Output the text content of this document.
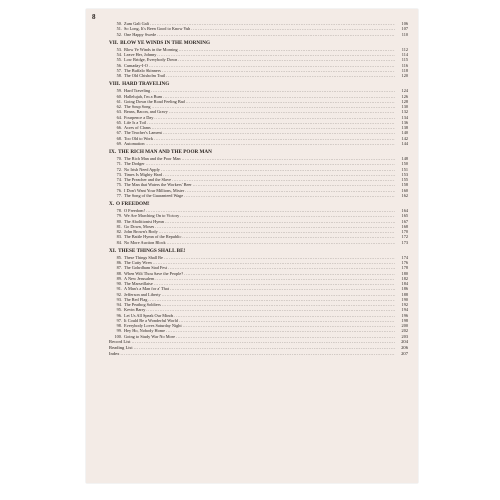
8
50. Zum Gali Gali .....	106
51. So Long, It's Been Good to Know Yuh .....	107
52. One Happy Swede .....	110
VII. BLOW YE WINDS IN THE MORNING
53. Blow Ye Winds in the Morning .....	112
54. Leave Her, Johnny .....	114
55. Low Bridge, Everybody Down .....	115
56. Cumaday-I-O .....	116
57. The Buffalo Skinners .....	118
58. The Old Chisholm Trail .....	120
VIII. HARD TRAVELING
59. Hard Traveling .....	124
60. Hallelujah, I'm a Bum .....	126
61. Going Down the Road Feeling Bad .....	128
62. The Soup Song .....	130
63. Beans, Bacon, and Gravy .....	132
64. Fourpence a Day .....	134
65. Life Is a Toil .....	136
66. Acres of Clams .....	138
67. The Teacher's Lament .....	140
68. Too Old to Work .....	142
69. Automation .....	144
IX. THE RICH MAN AND THE POOR MAN
70. The Rich Man and the Poor Man .....	148
71. The Dodger .....	150
72. No Irish Need Apply .....	151
73. Times Is Mighty Hard .....	153
74. The Preacher and the Slave .....	155
75. The Man that Waters the Workers' Beer .....	158
76. I Don't Want Your Millions, Mister .....	160
77. The Song of the Guaranteed Wage .....	162
X. O FREEDOM!
78. O Freedom! .....	164
79. We Are Marching On to Victory .....	165
80. The Abolitionist Hymn .....	167
81. Go Down, Moses .....	168
82. John Brown's Body .....	170
83. The Battle Hymn of the Republic .....	172
84. No More Auction Block .....	173
XI. THESE THINGS SHALL BE!
85. These Things Shall Be .....	174
86. The Cutty Wren .....	176
87. The Gohrdham Stad Fest .....	178
88. When Wilt Thou Save the People? .....	180
89. A New Jerusalem .....	182
90. The Marseillaise .....	184
91. A Man's a Man for a' That .....	186
92. Jefferson and Liberty .....	188
93. The Red Flag .....	190
94. The Peatbog Soldiers .....	192
95. Kevin Barry .....	194
96. Let Us All Speak Our Minds .....	196
97. It Could Be a Wonderful World .....	198
98. Everybody Loves Saturday Night .....	200
99. Hey Ho, Nobody Home .....	202
100. Going to Study War No More .....	203
Record List .....	204
Reading List .....	206
Index .....	207
